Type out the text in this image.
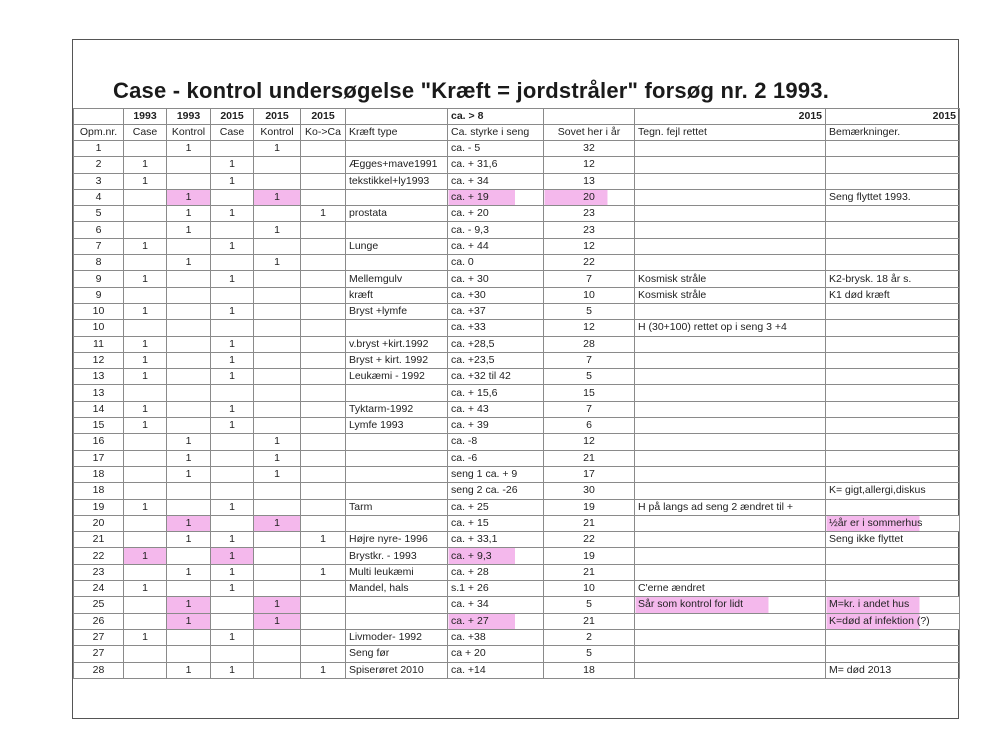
Case - kontrol undersøgelse "Kræft = jordstråler" forsøg nr. 2 1993.
	1993	1993	2015	2015	2015		ca. > 8		2015	2015
Opm.nr.	Case	Kontrol	Case	Kontrol	Ko->Ca	Kræft type	Ca. styrke i seng	Sovet her i år	Tegn. fejl rettet	Bemærkninger.
1		1		1			ca. - 5	32		
2	1		1			Ægges+mave1991	ca. + 31,6	12		
3	1		1			tekstikkel+ly1993	ca. + 34	13		
4		1		1			ca. + 19	20		Seng flyttet 1993.
5		1	1		1	prostata	ca. + 20	23		
6		1		1			ca. - 9,3	23		
7	1		1			Lunge	ca. + 44	12		
8		1		1			ca. 0	22		
9	1		1			Mellemgulv	ca. + 30	7	Kosmisk stråle	K2-brysk. 18 år s.
9						kræft	ca. +30	10	Kosmisk stråle	K1 død kræft
10	1		1			Bryst +lymfe	ca. +37	5		
10							ca. +33	12	H (30+100) rettet op i seng 3 +4	
11	1		1			v.bryst +kirt.1992	ca. +28,5	28		
12	1		1			Bryst + kirt. 1992	ca. +23,5	7		
13	1		1			Leukæmi - 1992	ca. +32 til 42	5		
13							ca. + 15,6	15		
14	1		1			Tyktarm-1992	ca. + 43	7		
15	1		1			Lymfe 1993	ca. + 39	6		
16		1		1			ca. -8	12		
17		1		1			ca. -6	21		
18		1		1			seng 1 ca. + 9	17		
18							seng 2 ca. -26	30		K= gigt,allergi,diskus
19	1		1			Tarm	ca. + 25	19	H på langs ad seng 2 ændret til +	
20		1		1			ca. + 15	21		½år er i sommerhus
21		1	1		1	Højre nyre- 1996	ca. + 33,1	22		Seng ikke flyttet
22	1		1			Brystkr. - 1993	ca. + 9,3	19		
23		1	1		1	Multi leukæmi	ca. + 28	21		
24	1		1			Mandel, hals	s.1 + 26	10	C'erne ændret	
25		1		1			ca. + 34	5	Sår som kontrol for lidt	M=kr. i andet hus
26		1		1			ca. + 27	21		K=død af infektion (?)
27	1		1			Livmoder- 1992	ca. +38	2		
27						Seng før	ca + 20	5		
28		1	1		1	Spiserøret 2010	ca. +14	18		M= død 2013
